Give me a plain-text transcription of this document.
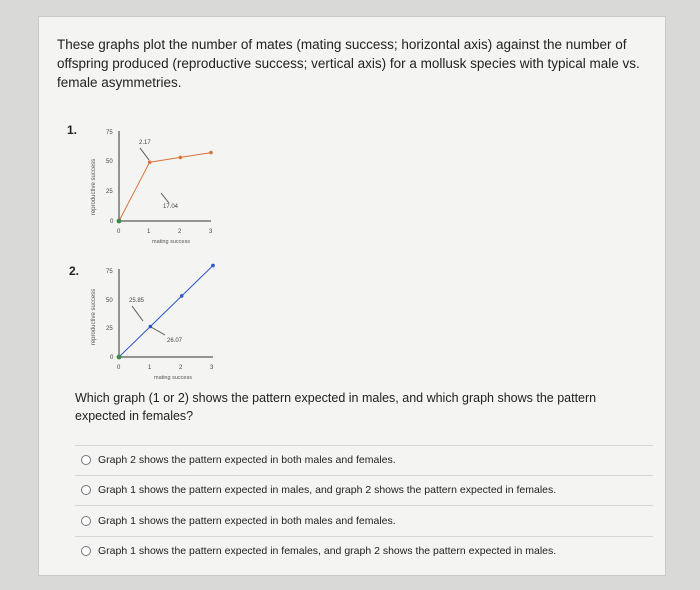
These graphs plot the number of mates (mating success; horizontal axis) against the number of offspring produced (reproductive success; vertical axis) for a mollusk species with typical male vs. female asymmetries.
1.
reproductive success
75
50
25
0
0	1	2	3
mating success
2.17
17.04
2.
reproductive success
75
50
25
0
0	1	2	3
mating success
25.85
26.07
Which graph (1 or 2) shows the pattern expected in males, and which graph shows the pattern expected in females?
Graph 2 shows the pattern expected in both males and females.
Graph 1 shows the pattern expected in males, and graph 2 shows the pattern expected in females.
Graph 1 shows the pattern expected in both males and females.
Graph 1 shows the pattern expected in females, and graph 2 shows the pattern expected in males.
